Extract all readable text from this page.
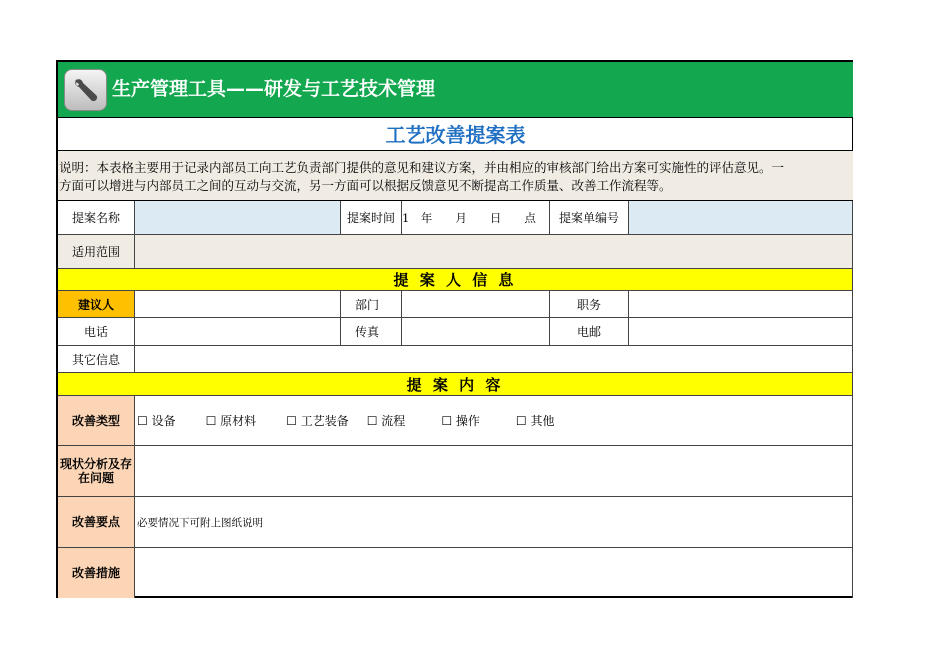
生产管理工具——研发与工艺技术管理
工艺改善提案表
说明：本表格主要用于记录内部员工向工艺负责部门提供的意见和建议方案，并由相应的审核部门给出方案可实施性的评估意见。一
方面可以增进与内部员工之间的互动与交流，另一方面可以根据反馈意见不断提高工作质量、改善工作流程等。
提案名称	提案时间 1　年　　月　　日　　点	提案单编号
适用范围
提 案 人 信 息
建议人	部门	职务
电话	传真	电邮
其它信息
提 案 内 容
改善类型	☐ 设备	☐ 原材料	☐ 工艺装备 ☐ 流程	☐ 操作	☐ 其他
现状分析及存
在问题
改善要点	必要情况下可附上图纸说明
改善措施
